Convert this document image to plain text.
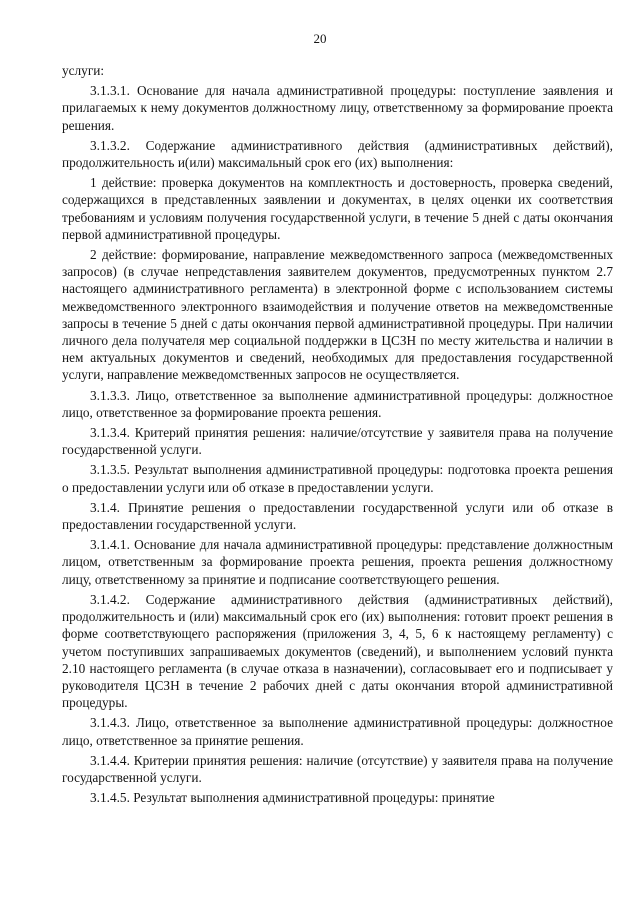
20

услуги:

3.1.3.1. Основание для начала административной процедуры: поступление заявления и прилагаемых к нему документов должностному лицу, ответственному за формирование проекта решения.

3.1.3.2. Содержание административного действия (административных действий), продолжительность и(или) максимальный срок его (их) выполнения:

1 действие: проверка документов на комплектность и достоверность, проверка сведений, содержащихся в представленных заявлении и документах, в целях оценки их соответствия требованиям и условиям получения государственной услуги, в течение 5 дней с даты окончания первой административной процедуры.

2 действие: формирование, направление межведомственного запроса (межведомственных запросов) (в случае непредставления заявителем документов, предусмотренных пунктом 2.7 настоящего административного регламента) в электронной форме с использованием системы межведомственного электронного взаимодействия и получение ответов на межведомственные запросы в течение 5 дней с даты окончания первой административной процедуры. При наличии личного дела получателя мер социальной поддержки в ЦСЗН по месту жительства и наличии в нем актуальных документов и сведений, необходимых для предоставления государственной услуги, направление межведомственных запросов не осуществляется.

3.1.3.3. Лицо, ответственное за выполнение административной процедуры: должностное лицо, ответственное за формирование проекта решения.

3.1.3.4. Критерий принятия решения: наличие/отсутствие у заявителя права на получение государственной услуги.

3.1.3.5. Результат выполнения административной процедуры: подготовка проекта решения о предоставлении услуги или об отказе в предоставлении услуги.

3.1.4. Принятие решения о предоставлении государственной услуги или об отказе в предоставлении государственной услуги.

3.1.4.1. Основание для начала административной процедуры: представление должностным лицом, ответственным за формирование проекта решения, проекта решения должностному лицу, ответственному за принятие и подписание соответствующего решения.

3.1.4.2. Содержание административного действия (административных действий), продолжительность и (или) максимальный срок его (их) выполнения: готовит проект решения в форме соответствующего распоряжения (приложения 3, 4, 5, 6 к настоящему регламенту) с учетом поступивших запрашиваемых документов (сведений), и выполнением условий пункта 2.10 настоящего регламента (в случае отказа в назначении), согласовывает его и подписывает у руководителя ЦСЗН в течение 2 рабочих дней с даты окончания второй административной процедуры.

3.1.4.3. Лицо, ответственное за выполнение административной процедуры: должностное лицо, ответственное за принятие решения.

3.1.4.4. Критерии принятия решения: наличие (отсутствие) у заявителя права на получение государственной услуги.

3.1.4.5. Результат выполнения административной процедуры: принятие
